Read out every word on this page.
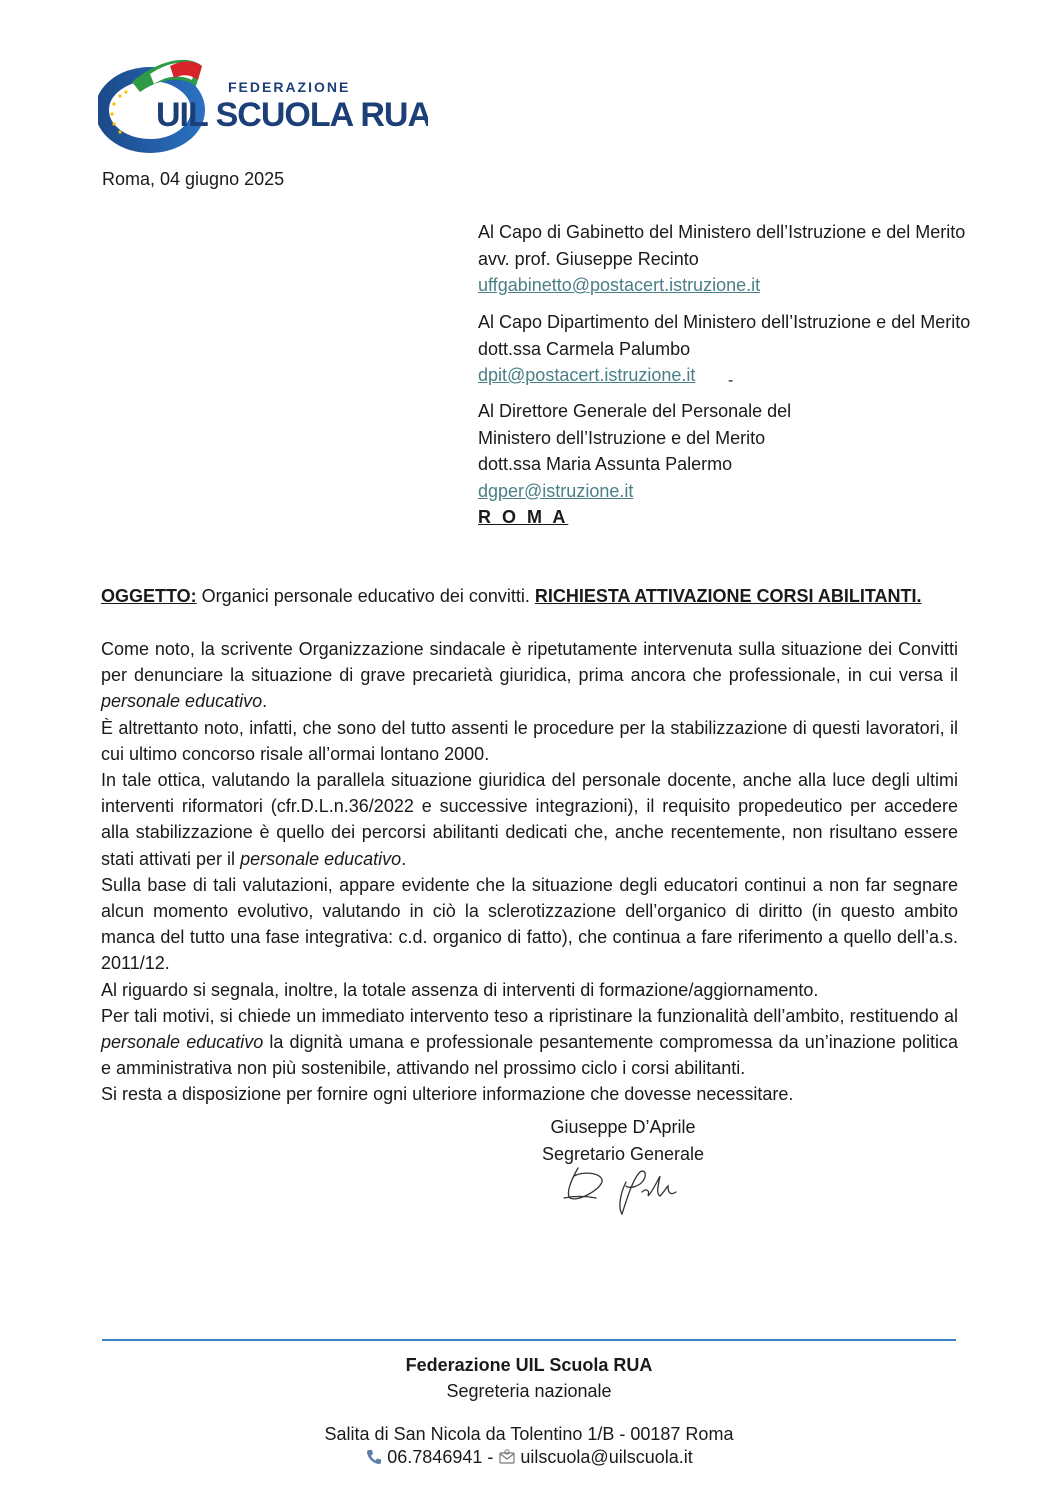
FEDERAZIONE
UIL SCUOLA RUA
Roma, 04 giugno 2025

Al Capo di Gabinetto del Ministero dell’Istruzione e del Merito

avv. prof. Giuseppe Recinto

uffgabinetto@postacert.istruzione.it

Al Capo Dipartimento del Ministero dell’Istruzione e del Merito

dott.ssa Carmela Palumbo

dpit@postacert.istruzione.it	-

Al Direttore Generale del Personale del

Ministero dell’Istruzione e del Merito

dott.ssa Maria Assunta Palermo

dgper@istruzione.it

R O M A

OGGETTO: Organici personale educativo dei convitti. RICHIESTA ATTIVAZIONE CORSI ABILITANTI.

Come noto, la scrivente Organizzazione sindacale è ripetutamente intervenuta sulla situazione dei Convitti per denunciare la situazione di grave precarietà giuridica, prima ancora che professionale, in cui versa il personale educativo.

È altrettanto noto, infatti, che sono del tutto assenti le procedure per la stabilizzazione di questi lavoratori, il cui ultimo concorso risale all’ormai lontano 2000.

In tale ottica, valutando la parallela situazione giuridica del personale docente, anche alla luce degli ultimi interventi riformatori (cfr.D.L.n.36/2022 e successive integrazioni), il requisito propedeutico per accedere alla stabilizzazione è quello dei percorsi abilitanti dedicati che, anche recentemente, non risultano essere stati attivati per il personale educativo.

Sulla base di tali valutazioni, appare evidente che la situazione degli educatori continui a non far segnare alcun momento evolutivo, valutando in ciò la sclerotizzazione dell’organico di diritto (in questo ambito manca del tutto una fase integrativa: c.d. organico di fatto), che continua a fare riferimento a quello dell’a.s. 2011/12.

Al riguardo si segnala, inoltre, la totale assenza di interventi di formazione/aggiornamento.

Per tali motivi, si chiede un immediato intervento teso a ripristinare la funzionalità dell’ambito, restituendo al personale educativo la dignità umana e professionale pesantemente compromessa da un’inazione politica e amministrativa non più sostenibile, attivando nel prossimo ciclo i corsi abilitanti.

Si resta a disposizione per fornire ogni ulteriore informazione che dovesse necessitare.

Giuseppe D’Aprile

Segretario Generale

Federazione UIL Scuola RUA
Segreteria nazionale
Salita di San Nicola da Tolentino 1/B - 00187 Roma
06.7846941 - uilscuola@uilscuola.it
